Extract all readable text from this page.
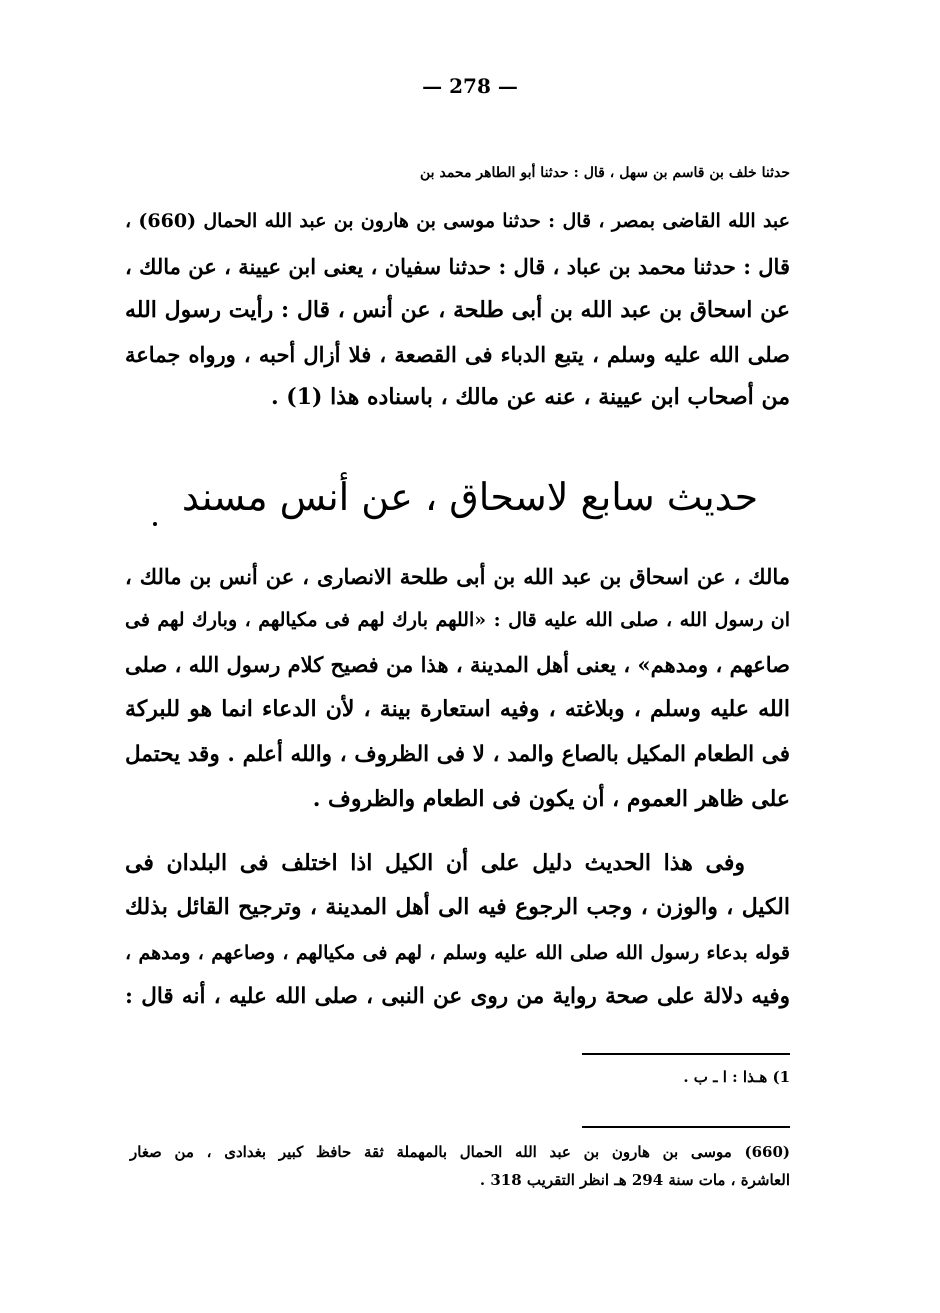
— 278 —
حدثنا خلف بن قاسم بن سهل ، قال : حدثنا أبو الطاهر محمد بن
عبد الله القاضى بمصر ، قال : حدثنا موسى بن هارون بن عبد الله الحمال (660) ،
قال : حدثنا محمد بن عباد ، قال : حدثنا سفيان ، يعنى ابن عيينة ، عن مالك ،
عن اسحاق بن عبد الله بن أبى طلحة ، عن أنس ، قال : رأيت رسول الله
صلى الله عليه وسلم ، يتبع الدباء فى القصعة ، فلا أزال أحبه ، ورواه جماعة
من أصحاب ابن عيينة ، عنه عن مالك ، باسناده هذا (1) .
حديث سابع لاسحاق ، عن أنس مسند
مالك ، عن اسحاق بن عبد الله بن أبى طلحة الانصارى ، عن أنس بن مالك ،
ان رسول الله ، صلى الله عليه قال : «اللهم بارك لهم فى مكيالهم ، وبارك لهم فى
صاعهم ، ومدهم» ، يعنى أهل المدينة ، هذا من فصيح كلام رسول الله ، صلى
الله عليه وسلم ، وبلاغته ، وفيه استعارة بينة ، لأن الدعاء انما هو للبركة
فى الطعام المكيل بالصاع والمد ، لا فى الظروف ، والله أعلم . وقد يحتمل
على ظاهر العموم ، أن يكون فى الطعام والظروف .
وفى هذا الحديث دليل على أن الكيل اذا اختلف فى البلدان فى
الكيل ، والوزن ، وجب الرجوع فيه الى أهل المدينة ، وترجيح القائل بذلك
قوله بدعاء رسول الله صلى الله عليه وسلم ، لهم فى مكيالهم ، وصاعهم ، ومدهم ،
وفيه دلالة على صحة رواية من روى عن النبى ، صلى الله عليه ، أنه قال :
1) هـذا : ا ـ ب .
(660) موسى بن هارون بن عبد الله الحمال بالمهملة ثقة حافظ كبير بغدادى ، من صغار
العاشرة ، مات سنة 294 هـ انظر التقريب 318 .
